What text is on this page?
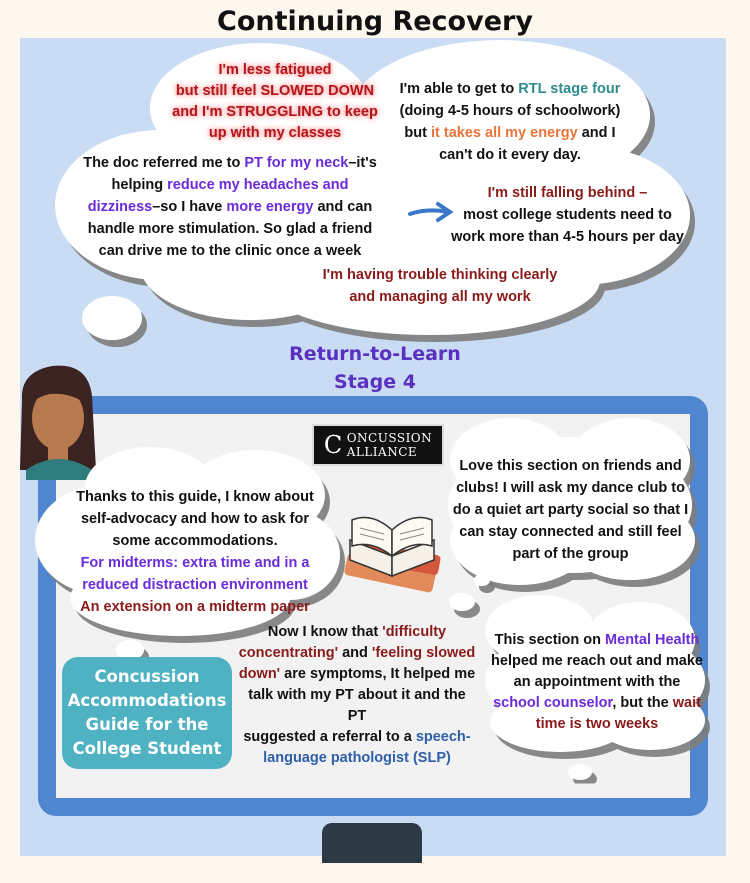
Continuing Recovery
I'm less fatigued
but still feel SLOWED DOWN
and I'm STRUGGLING to keep
up with my classes
I'm able to get to RTL stage four
(doing 4-5 hours of schoolwork)
but it takes all my energy and I
can't do it every day.
The doc referred me to PT for my neck–it's
helping reduce my headaches and
dizziness–so I have more energy and can
handle more stimulation. So glad a friend
can drive me to the clinic once a week
I'm still falling behind –
most college students need to
work more than 4-5 hours per day
I'm having trouble thinking clearly
and managing all my work
Return-to-Learn
Stage 4
C ONCUSSION
ALLIANCE
Thanks to this guide, I know about
self-advocacy and how to ask for
some accommodations.
For midterms: extra time and in a
reduced distraction environment
An extension on a midterm paper
Love this section on friends and
clubs! I will ask my dance club to
do a quiet art party social so that I
can stay connected and still feel
part of the group
Now I know that 'difficulty
concentrating' and 'feeling slowed
down' are symptoms, It helped me
talk with my PT about it and the PT
suggested a referral to a speech-
language pathologist (SLP)
This section on Mental Health
helped me reach out and make
an appointment with the
school counselor, but the wait
time is two weeks
Concussion
Accommodations
Guide for the
College Student
